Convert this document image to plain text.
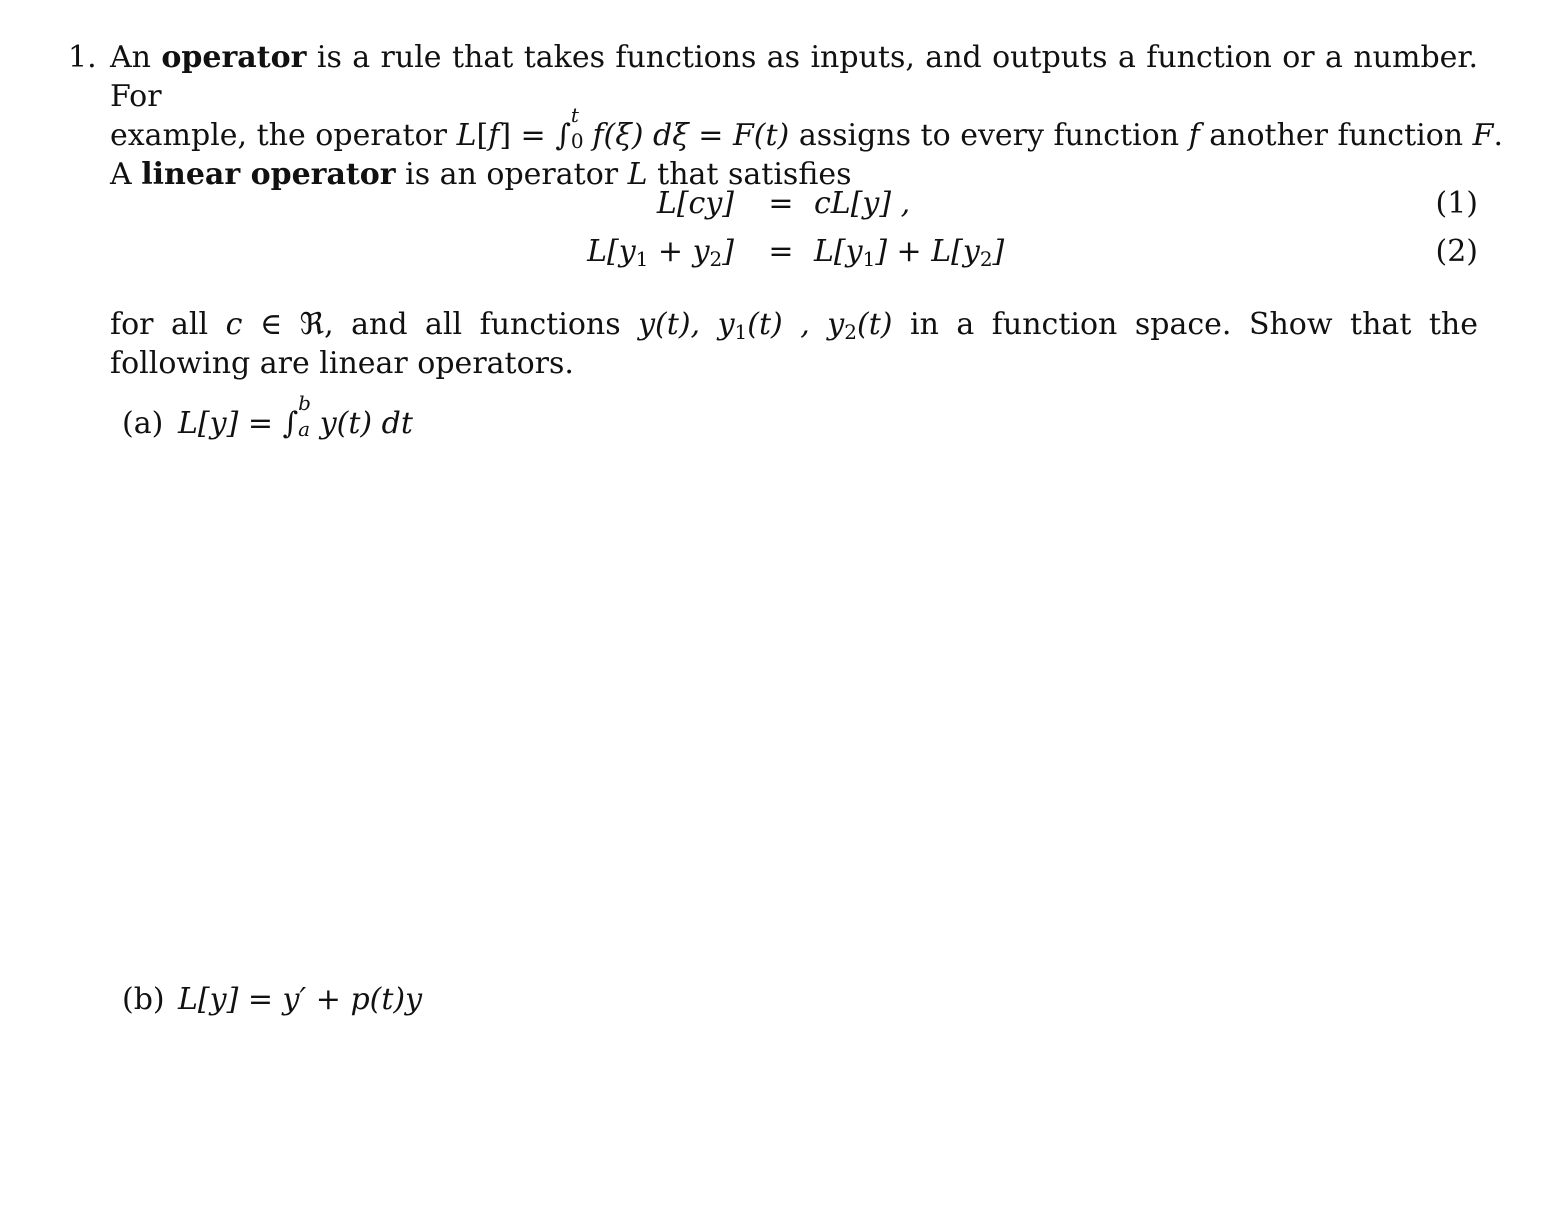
1. An operator is a rule that takes functions as inputs, and outputs a function or a number. For
example, the operator L[f] = ∫
t
0 f(ξ) dξ = F(t) assigns to every function f another function F.
A linear operator is an operator L that satisfies

L[cy] = cL[y] ,	(1)
$L[y_1 + y_2] = L[y_1] + L[y_2]$	(2)

for all c ∈ ℜ, and all functions y(t), $y_1(t)$ , $y_2(t)$ in a function space. Show that the following are linear operators.

(a) L[y] = ∫
b
a y(t) dt
(b) L[y] = y′ + p(t)y
